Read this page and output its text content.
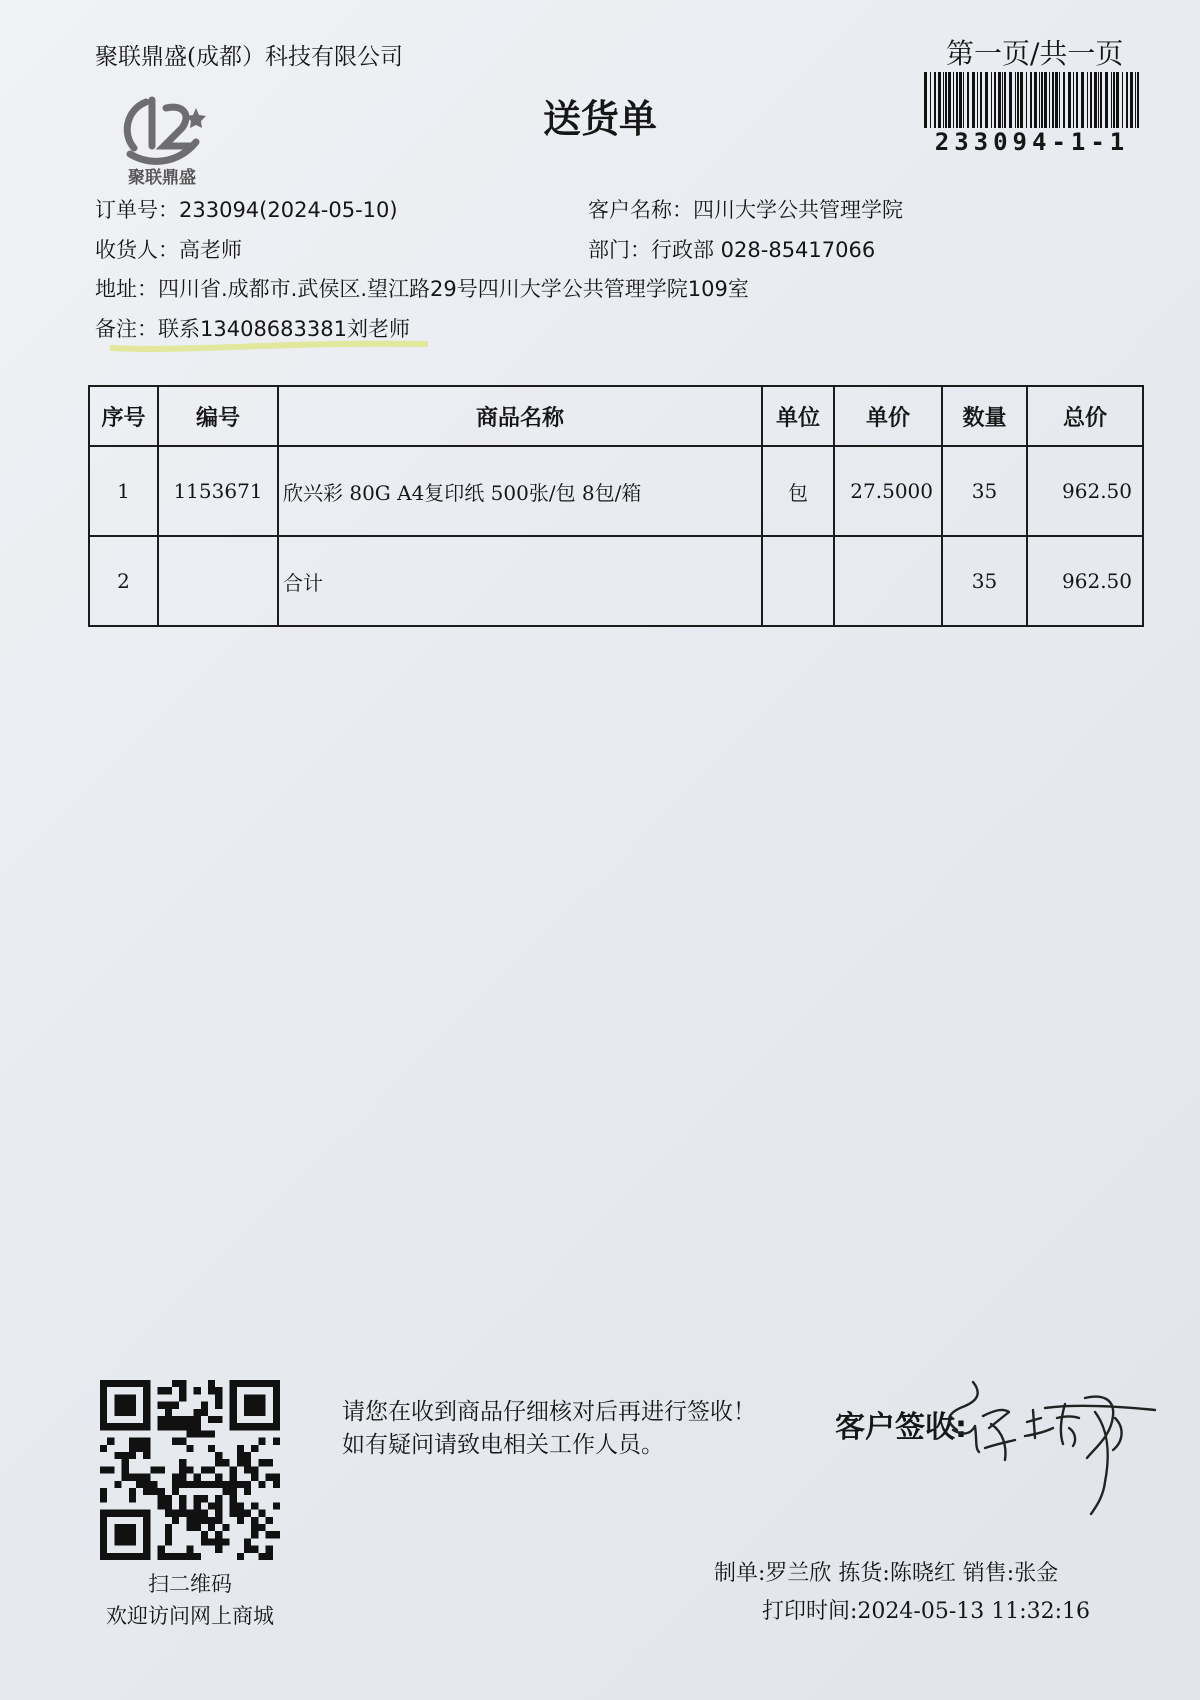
聚联鼎盛(成都）科技有限公司
聚联鼎盛
送货单
第一页/共一页
233094-1-1
订单号：233094(2024-05-10)	客户名称：四川大学公共管理学院
收货人：高老师	部门：行政部 028-85417066
地址：四川省.成都市.武侯区.望江路29号四川大学公共管理学院109室
备注：联系13408683381刘老师
序号	编号	商品名称	单位	单价	数量	总价
1	1153671	欣兴彩 80G A4复印纸 500张/包 8包/箱	包	27.5000	35	962.50
2		合计			35	962.50
扫二维码
欢迎访问网上商城
请您在收到商品仔细核对后再进行签收！如有疑问请致电相关工作人员。	客户签收:
制单:罗兰欣 拣货:陈晓红 销售:张金
打印时间:2024-05-13 11:32:16
